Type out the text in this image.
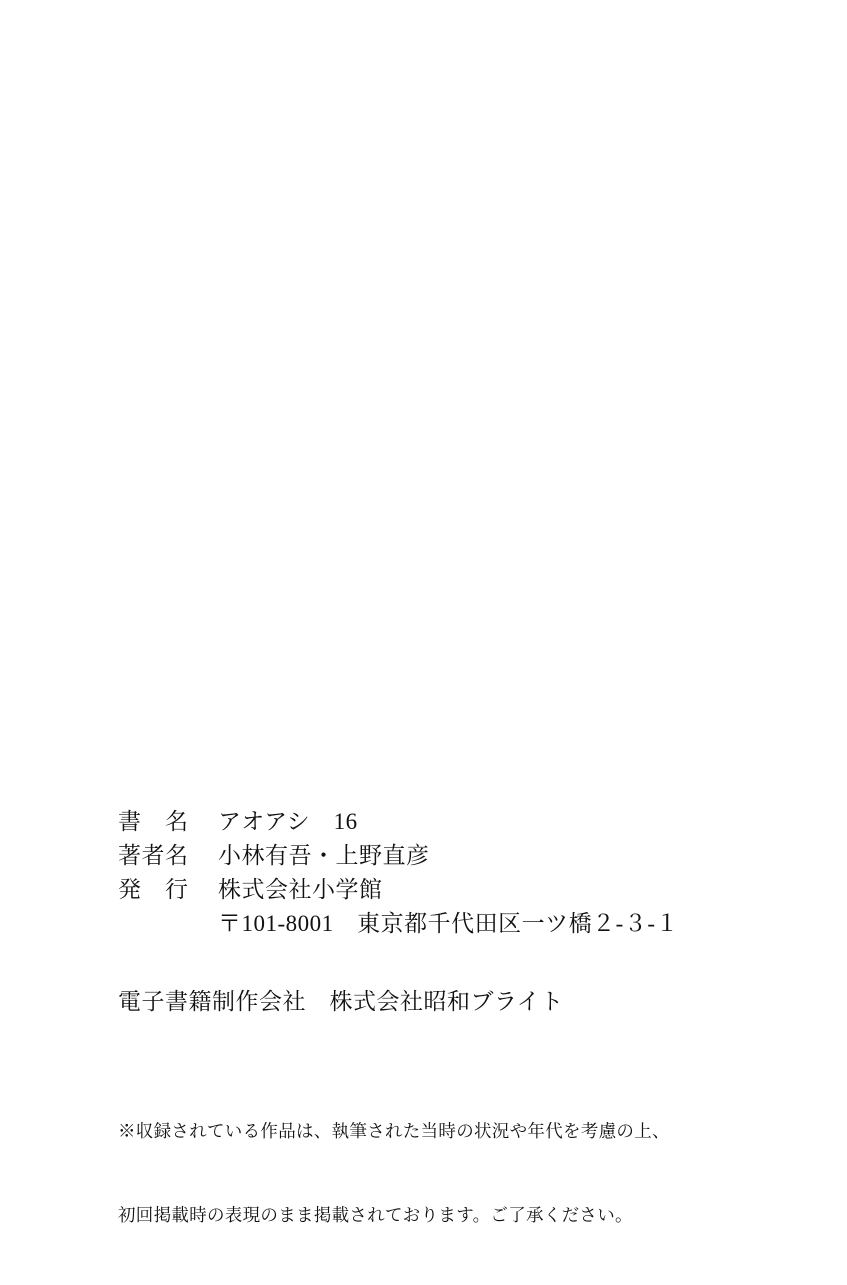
書　名	アオアシ　16
著者名	小林有吾・上野直彦
発　行	株式会社小学館
〒101‑8001　東京都千代田区一ツ橋２‑３‑１
電子書籍制作会社　株式会社昭和ブライト

※収録されている作品は、執筆された当時の状況や年代を考慮の上、

初回掲載時の表現のまま掲載されております。ご了承ください。
